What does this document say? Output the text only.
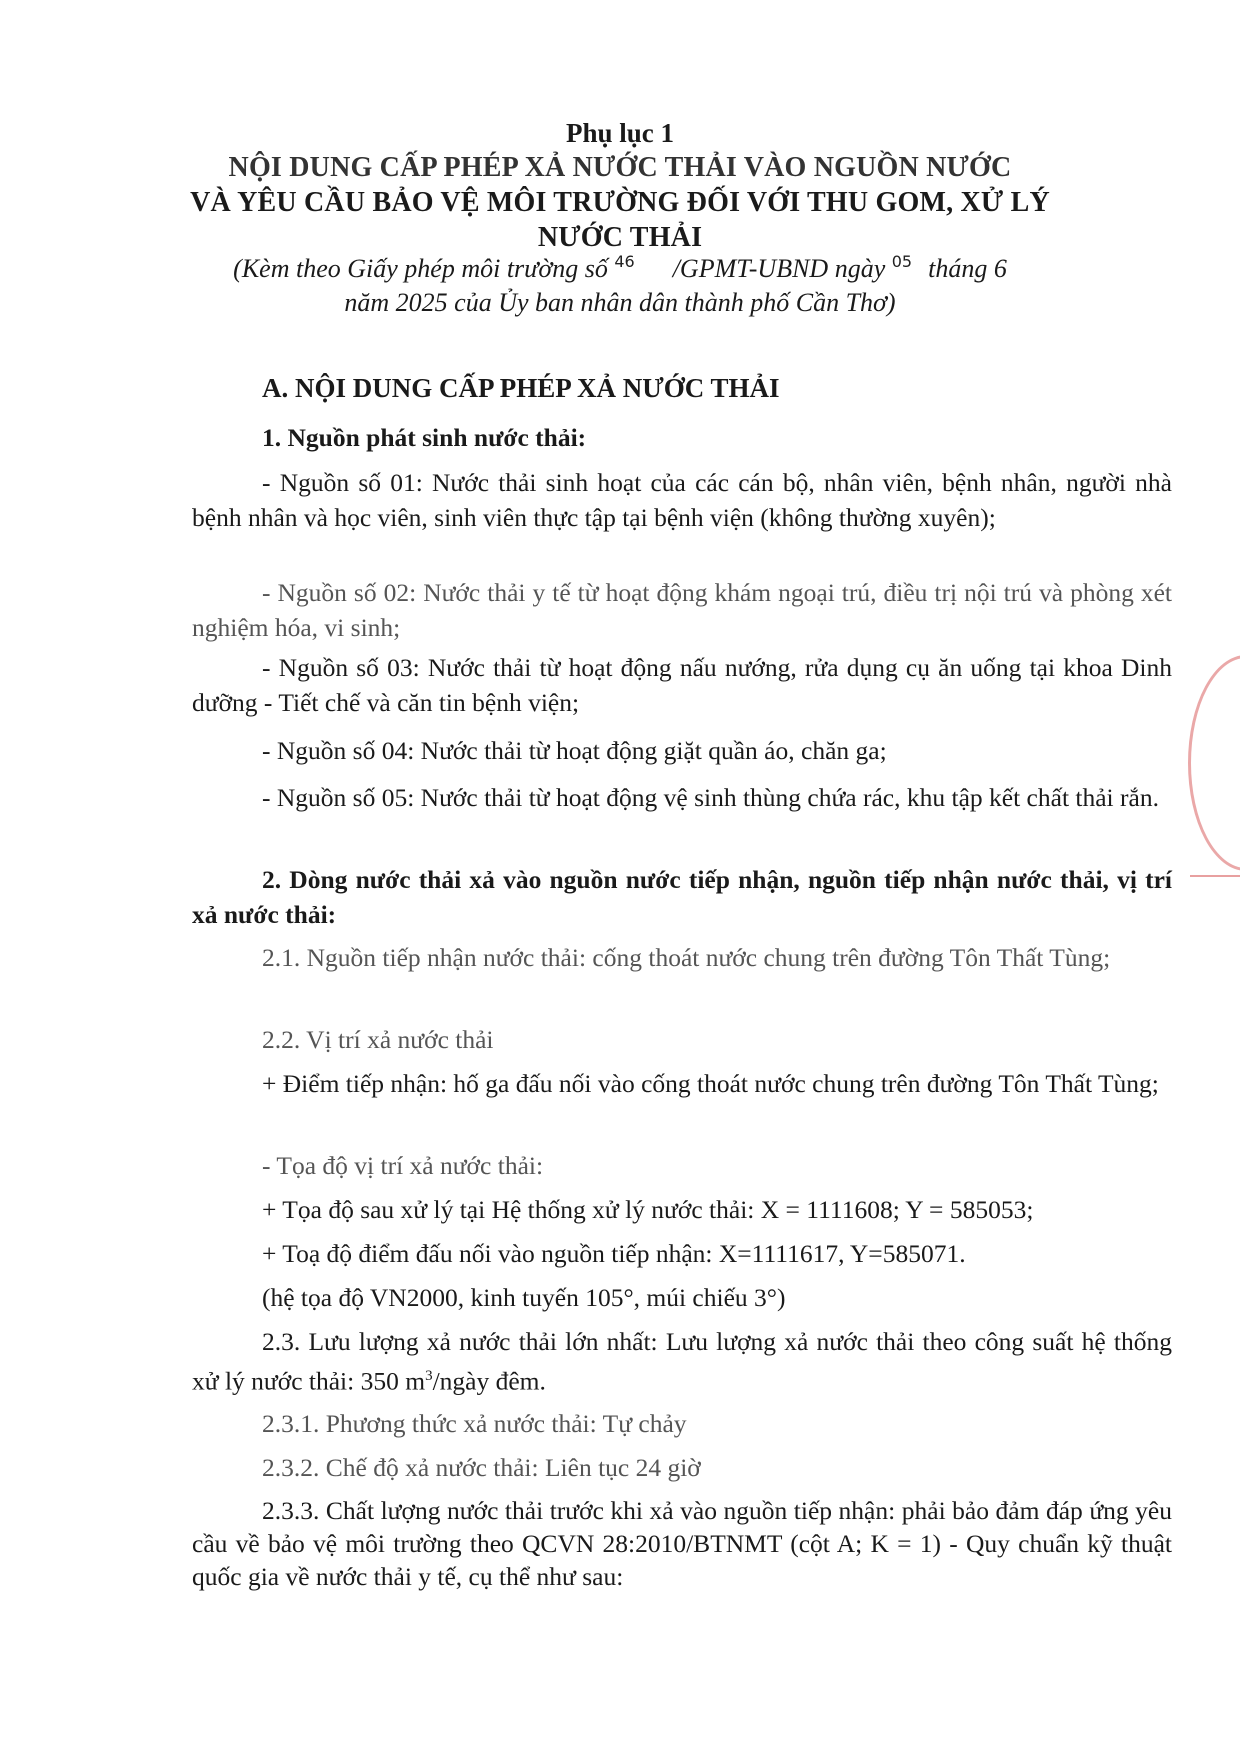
Phụ lục 1
NỘI DUNG CẤP PHÉP XẢ NƯỚC THẢI VÀO NGUỒN NƯỚC
VÀ YÊU CẦU BẢO VỆ MÔI TRƯỜNG ĐỐI VỚI THU GOM, XỬ LÝ
NƯỚC THẢI
(Kèm theo Giấy phép môi trường số $^{46}$ /GPMT-UBND ngày $^{05}$ tháng 6
năm 2025 của Ủy ban nhân dân thành phố Cần Thơ)
A. NỘI DUNG CẤP PHÉP XẢ NƯỚC THẢI
1. Nguồn phát sinh nước thải:

- Nguồn số 01: Nước thải sinh hoạt của các cán bộ, nhân viên, bệnh nhân, người nhà bệnh nhân và học viên, sinh viên thực tập tại bệnh viện (không thường xuyên);

- Nguồn số 02: Nước thải y tế từ hoạt động khám ngoại trú, điều trị nội trú và phòng xét nghiệm hóa, vi sinh;

- Nguồn số 03: Nước thải từ hoạt động nấu nướng, rửa dụng cụ ăn uống tại khoa Dinh dưỡng - Tiết chế và căn tin bệnh viện;

- Nguồn số 04: Nước thải từ hoạt động giặt quần áo, chăn ga;

- Nguồn số 05: Nước thải từ hoạt động vệ sinh thùng chứa rác, khu tập kết chất thải rắn.

2. Dòng nước thải xả vào nguồn nước tiếp nhận, nguồn tiếp nhận nước thải, vị trí xả nước thải:

2.1. Nguồn tiếp nhận nước thải: cống thoát nước chung trên đường Tôn Thất Tùng;

2.2. Vị trí xả nước thải

+ Điểm tiếp nhận: hố ga đấu nối vào cống thoát nước chung trên đường Tôn Thất Tùng;

- Tọa độ vị trí xả nước thải:

+ Tọa độ sau xử lý tại Hệ thống xử lý nước thải: X = 1111608; Y = 585053;

+ Toạ độ điểm đấu nối vào nguồn tiếp nhận: X=1111617, Y=585071.

(hệ tọa độ VN2000, kinh tuyến 105°, múi chiếu 3°)

2.3. Lưu lượng xả nước thải lớn nhất: Lưu lượng xả nước thải theo công suất hệ thống xử lý nước thải: 350 $m^3$/ngày đêm.

2.3.1. Phương thức xả nước thải: Tự chảy

2.3.2. Chế độ xả nước thải: Liên tục 24 giờ

2.3.3. Chất lượng nước thải trước khi xả vào nguồn tiếp nhận: phải bảo đảm đáp ứng yêu cầu về bảo vệ môi trường theo QCVN 28:2010/BTNMT (cột A; K = 1) - Quy chuẩn kỹ thuật quốc gia về nước thải y tế, cụ thể như sau:
